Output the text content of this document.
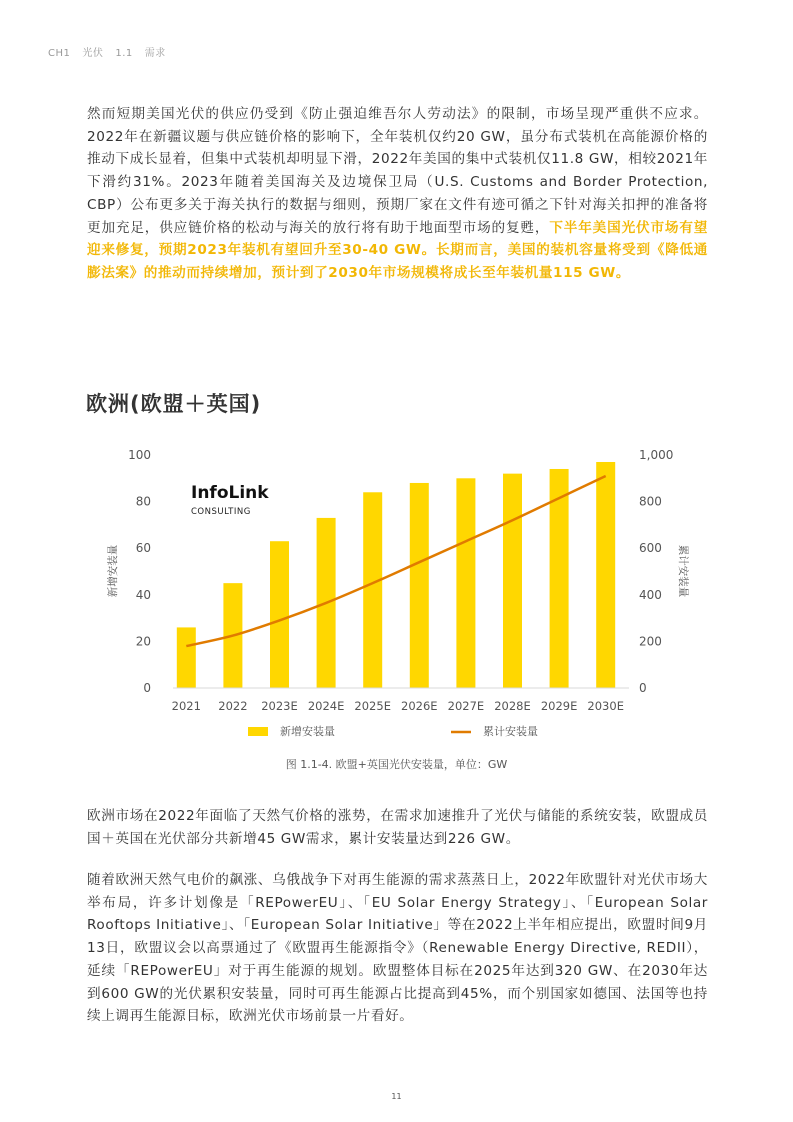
CH1 光伏 1.1 需求

然而短期美国光伏的供应仍受到《防止强迫维吾尔人劳动法》的限制，市场呈现严重供不应求。2022年在新疆议题与供应链价格的影响下，全年装机仅约20 GW，虽分布式装机在高能源价格的推动下成长显着，但集中式装机却明显下滑，2022年美国的集中式装机仅11.8 GW，相较2021年下滑约31%。2023年随着美国海关及边境保卫局（U.S. Customs and Border Protection, CBP）公布更多关于海关执行的数据与细则，预期厂家在文件有迹可循之下针对海关扣押的准备将更加充足，供应链价格的松动与海关的放行将有助于地面型市场的复甦，下半年美国光伏市场有望迎来修复，预期2023年装机有望回升至30-40 GW。长期而言，美国的装机容量将受到《降低通膨法案》的推动而持续增加，预计到了2030年市场规模将成长至年装机量115 GW。

欧洲(欧盟＋英国)
InfoLink
CONSULTING
0
20
40
60
80
100
0
200
400
600
800
1,000
2021 2022 2023E 2024E 2025E 2026E 2027E 2028E 2029E 2030E
新增安装量	累计安装量
新增安装量	累计安装量
图 1.1-4. 欧盟+英国光伏安装量，单位：GW

欧洲市场在2022年面临了天然气价格的涨势，在需求加速推升了光伏与储能的系统安装，欧盟成员国＋英国在光伏部分共新增45 GW需求，累计安装量达到226 GW。

随着欧洲天然气电价的飙涨、乌俄战争下对再生能源的需求蒸蒸日上，2022年欧盟针对光伏市场大举布局，许多计划像是「REPowerEU」、「EU Solar Energy Strategy」、「European Solar Rooftops Initiative」、「European Solar Initiative」等在2022上半年相应提出，欧盟时间9月13日，欧盟议会以高票通过了《欧盟再生能源指令》（Renewable Energy Directive, REDII），延续「REPowerEU」对于再生能源的规划。欧盟整体目标在2025年达到320 GW、在2030年达到600 GW的光伏累积安装量，同时可再生能源占比提高到45%，而个别国家如德国、法国等也持续上调再生能源目标，欧洲光伏市场前景一片看好。

11
